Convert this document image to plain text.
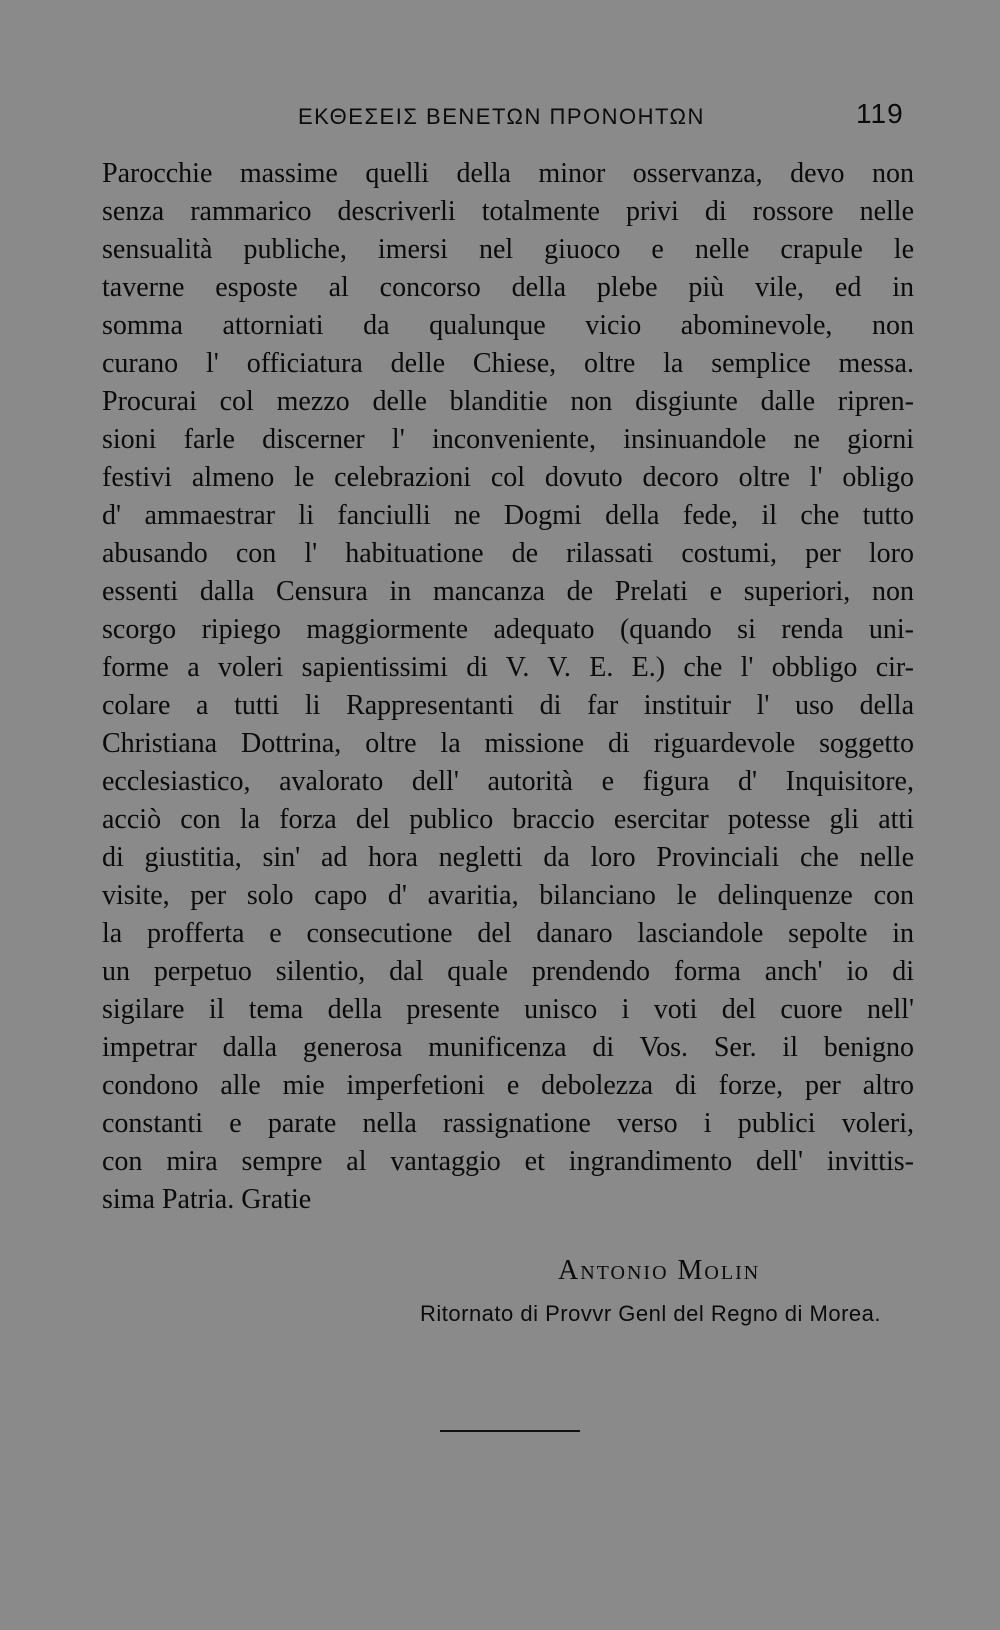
ΕΚΘΕΣΕΙΣ ΒΕΝΕΤΩΝ ΠΡΟΝΟΗΤΩΝ	119
Parocchie massime quelli della minor osservanza, devo non
senza rammarico descriverli totalmente privi di rossore nelle
sensualità publiche, imersi nel giuoco e nelle crapule le
taverne esposte al concorso della plebe più vile, ed in
somma attorniati da qualunque vicio abominevole, non
curano l' officiatura delle Chiese, oltre la semplice messa.
Procurai col mezzo delle blanditie non disgiunte dalle ripren-
sioni farle discerner l' inconveniente, insinuandole ne giorni
festivi almeno le celebrazioni col dovuto decoro oltre l' obligo
d' ammaestrar li fanciulli ne Dogmi della fede, il che tutto
abusando con l' habituatione de rilassati costumi, per loro
essenti dalla Censura in mancanza de Prelati e superiori, non
scorgo ripiego maggiormente adequato (quando si renda uni-
forme a voleri sapientissimi di V. V. E. E.) che l' obbligo cir-
colare a tutti li Rappresentanti di far instituir l' uso della
Christiana Dottrina, oltre la missione di riguardevole soggetto
ecclesiastico, avalorato dell' autorità e figura d' Inquisitore,
acciò con la forza del publico braccio esercitar potesse gli atti
di giustitia, sin' ad hora negletti da loro Provinciali che nelle
visite, per solo capo d' avaritia, bilanciano le delinquenze con
la profferta e consecutione del danaro lasciandole sepolte in
un perpetuo silentio, dal quale prendendo forma anch' io di
sigilare il tema della presente unisco i voti del cuore nell'
impetrar dalla generosa munificenza di Vos. Ser. il benigno
condono alle mie imperfetioni e debolezza di forze, per altro
constanti e parate nella rassignatione verso i publici voleri,
con mira sempre al vantaggio et ingrandimento dell' invittis-
sima Patria. Gratie
Antonio Molin
Ritornato di Provvr Genl del Regno di Morea.
